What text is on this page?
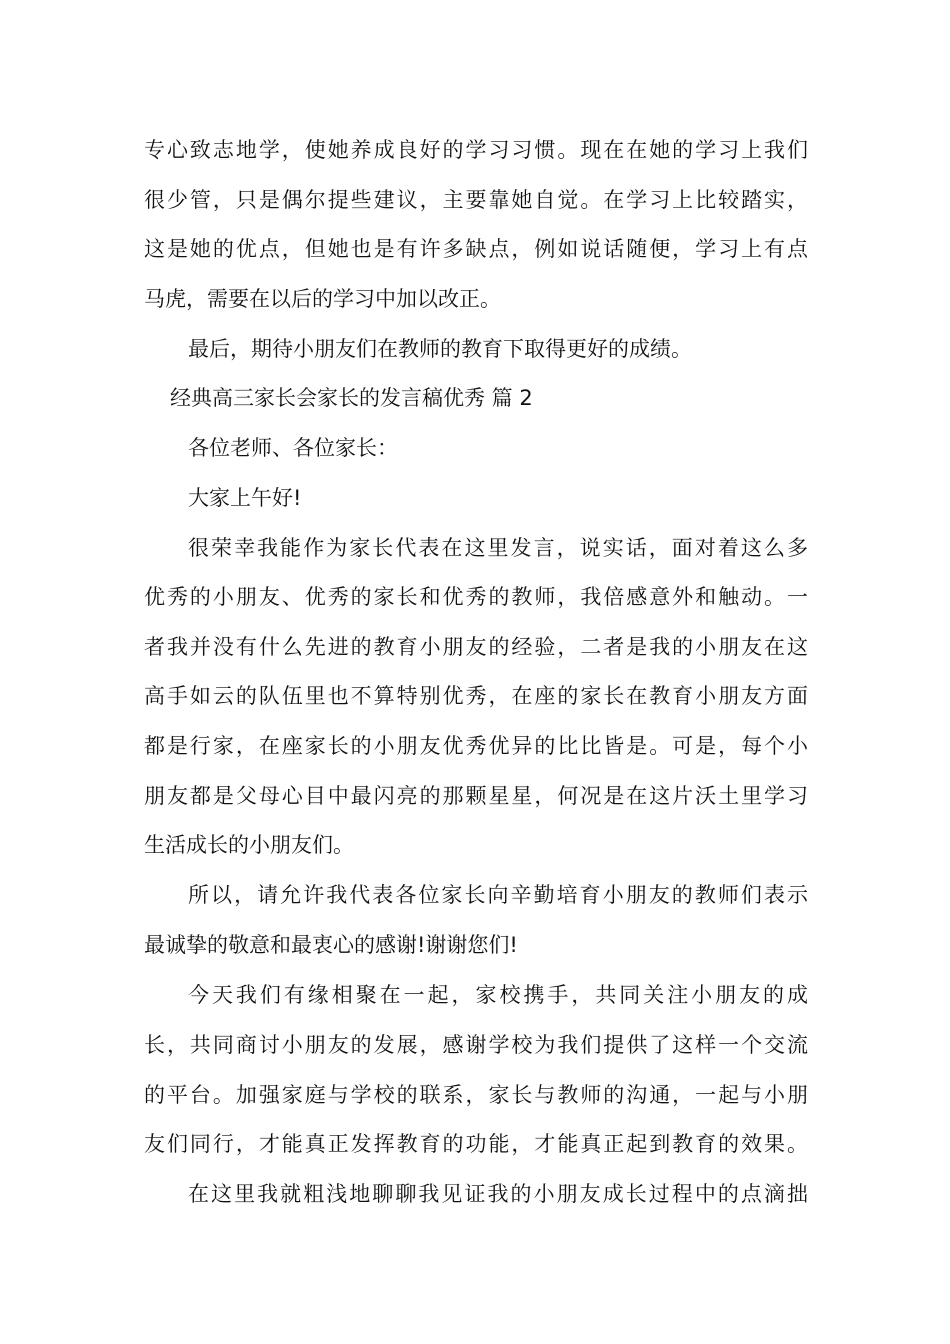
专心致志地学，使她养成良好的学习习惯。现在在她的学习上我们
很少管，只是偶尔提些建议，主要靠她自觉。在学习上比较踏实，
这是她的优点，但她也是有许多缺点，例如说话随便，学习上有点
马虎，需要在以后的学习中加以改正。
最后，期待小朋友们在教师的教育下取得更好的成绩。
经典高三家长会家长的发言稿优秀 篇 2
各位老师、各位家长：
大家上午好!
很荣幸我能作为家长代表在这里发言，说实话，面对着这么多
优秀的小朋友、优秀的家长和优秀的教师，我倍感意外和触动。一
者我并没有什么先进的教育小朋友的经验，二者是我的小朋友在这
高手如云的队伍里也不算特别优秀，在座的家长在教育小朋友方面
都是行家，在座家长的小朋友优秀优异的比比皆是。可是，每个小
朋友都是父母心目中最闪亮的那颗星星，何况是在这片沃土里学习
生活成长的小朋友们。
所以，请允许我代表各位家长向辛勤培育小朋友的教师们表示
最诚挚的敬意和最衷心的感谢!谢谢您们!
今天我们有缘相聚在一起，家校携手，共同关注小朋友的成
长，共同商讨小朋友的发展，感谢学校为我们提供了这样一个交流
的平台。加强家庭与学校的联系，家长与教师的沟通，一起与小朋
友们同行，才能真正发挥教育的功能，才能真正起到教育的效果。
在这里我就粗浅地聊聊我见证我的小朋友成长过程中的点滴拙
